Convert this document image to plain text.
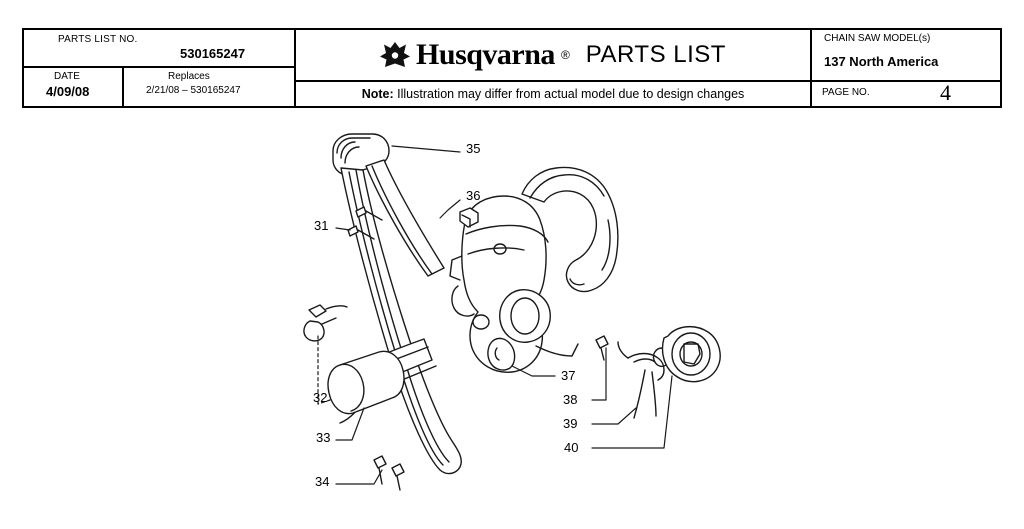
PARTS LIST NO.
530165247
DATE
4/09/08
Replaces
2/21/08 – 530165247
Husqvarna ® PARTS LIST
Note:
Illustration may differ from actual model due to design changes
CHAIN SAW MODEL(s)
137 North America
PAGE NO.	4
35
36
31
32
33
34
37
38
39
40
